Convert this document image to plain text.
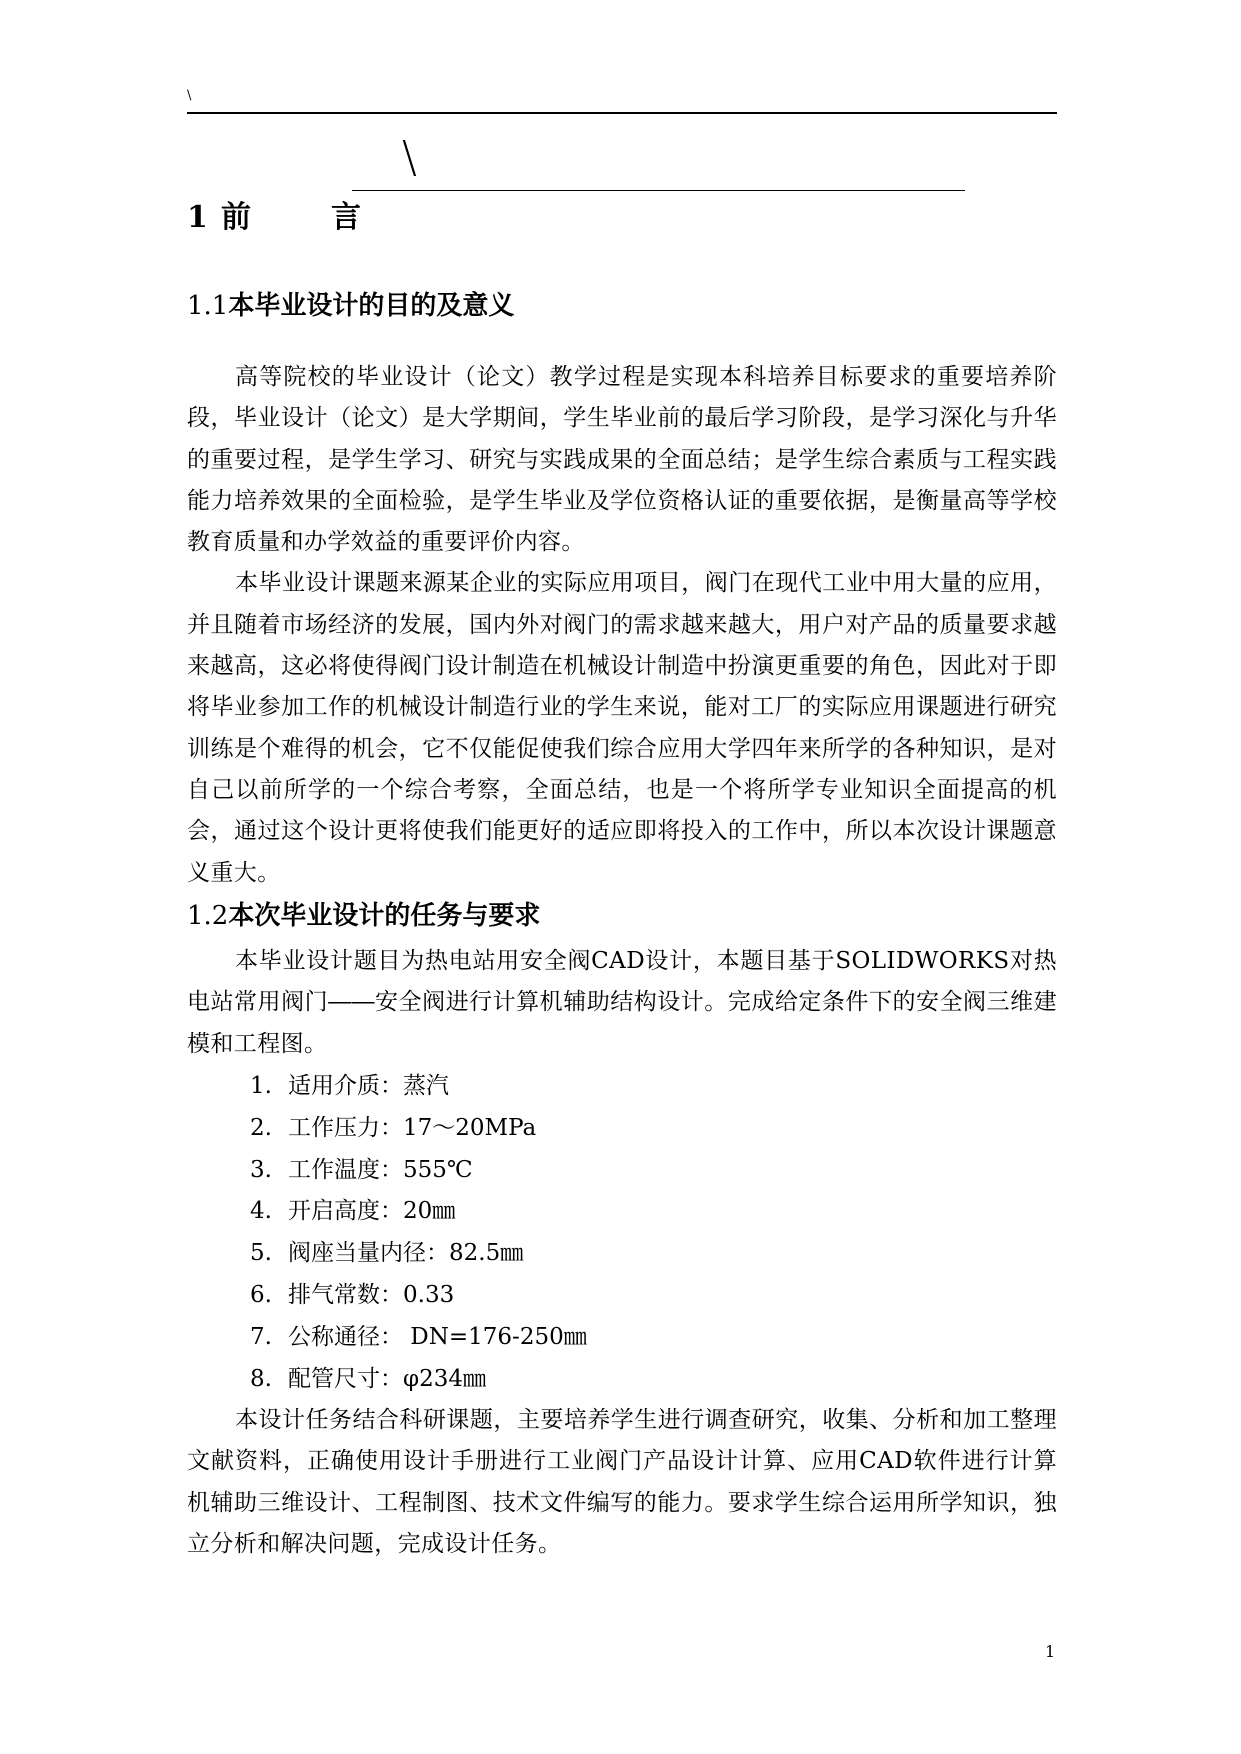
\
\
1 前	言
1.1本毕业设计的目的及意义

高等院校的毕业设计（论文）教学过程是实现本科培养目标要求的重要培养阶段，毕业设计（论文）是大学期间，学生毕业前的最后学习阶段，是学习深化与升华的重要过程，是学生学习、研究与实践成果的全面总结；是学生综合素质与工程实践能力培养效果的全面检验，是学生毕业及学位资格认证的重要依据，是衡量高等学校教育质量和办学效益的重要评价内容。

本毕业设计课题来源某企业的实际应用项目，阀门在现代工业中用大量的应用，并且随着市场经济的发展，国内外对阀门的需求越来越大，用户对产品的质量要求越来越高，这必将使得阀门设计制造在机械设计制造中扮演更重要的角色，因此对于即将毕业参加工作的机械设计制造行业的学生来说，能对工厂的实际应用课题进行研究训练是个难得的机会，它不仅能促使我们综合应用大学四年来所学的各种知识，是对自己以前所学的一个综合考察，全面总结，也是一个将所学专业知识全面提高的机会，通过这个设计更将使我们能更好的适应即将投入的工作中，所以本次设计课题意义重大。

1.2本次毕业设计的任务与要求

本毕业设计题目为热电站用安全阀CAD设计，本题目基于SOLIDWORKS对热电站常用阀门――安全阀进行计算机辅助结构设计。完成给定条件下的安全阀三维建模和工程图。

1. 适用介质：蒸汽
2. 工作压力：17～20MPa
3. 工作温度：555℃
4. 开启高度：20㎜
5. 阀座当量内径：82.5㎜
6. 排气常数：0.33
7. 公称通径： DN=176-250㎜
8. 配管尺寸：φ234㎜

本设计任务结合科研课题，主要培养学生进行调查研究，收集、分析和加工整理文献资料，正确使用设计手册进行工业阀门产品设计计算、应用CAD软件进行计算机辅助三维设计、工程制图、技术文件编写的能力。要求学生综合运用所学知识，独立分析和解决问题，完成设计任务。

1
